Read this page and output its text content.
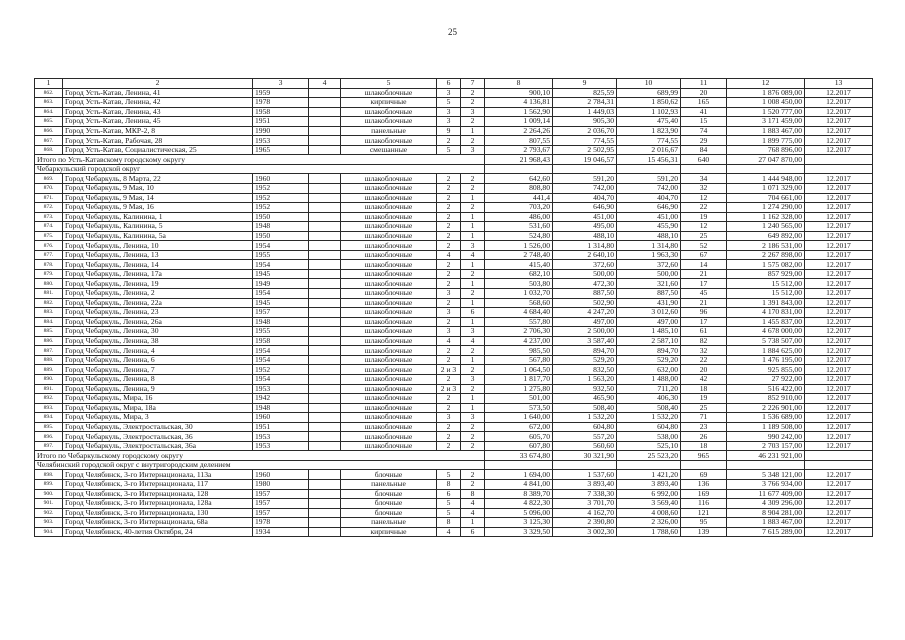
25
1	2	3	4	5	6	7	8	9	10	11	12	13
862.	Город Усть-Катав, Ленина, 41	1959		шлакоблочные	3	2	900,10	825,59	689,99	20	1 876 089,00	12.2017
863.	Город Усть-Катав, Ленина, 42	1978		кирпичные	5	2	4 136,81	2 784,31	1 850,62	165	1 008 450,00	12.2017
864.	Город Усть-Катав, Ленина, 43	1958		шлакоблочные	3	3	1 562,90	1 449,03	1 102,93	41	1 520 777,00	12.2017
865.	Город Усть-Катав, Ленина, 45	1951		шлакоблочные	3	2	1 009,14	905,30	475,40	15	3 171 459,00	12.2017
866.	Город Усть-Катав, МКР-2, 8	1990		панельные	9	1	2 264,26	2 036,70	1 823,90	74	1 883 467,00	12.2017
867.	Город Усть-Катав, Рабочая, 28	1953		шлакоблочные	2	2	807,55	774,55	774,55	29	1 899 775,00	12.2017
868.	Город Усть-Катав, Социалистическая, 25	1965		смешанные	5	3	2 793,67	2 502,95	2 016,67	84	768 896,00	12.2017
Итого по Усть-Катавскому городскому округу							21 968,43	19 046,57	15 456,31	640	27 047 870,00	
Чебаркульский городской округ												
869.	Город Чебаркуль, 8 Марта, 22	1960		шлакоблочные	2	2	642,60	591,20	591,20	34	1 444 948,00	12.2017
870.	Город Чебаркуль, 9 Мая, 10	1952		шлакоблочные	2	2	808,80	742,00	742,00	32	1 071 329,00	12.2017
871.	Город Чебаркуль, 9 Мая, 14	1952		шлакоблочные	2	1	441,4	404,70	404,70	12	704 661,00	12.2017
872.	Город Чебаркуль, 9 Мая, 16	1952		шлакоблочные	2	2	703,20	646,90	646,90	22	1 274 290,00	12.2017
873.	Город Чебаркуль, Калинина, 1	1950		шлакоблочные	2	1	486,00	451,00	451,00	19	1 162 328,00	12.2017
874.	Город Чебаркуль, Калинина, 5	1948		шлакоблочные	2	1	531,60	495,00	455,90	12	1 240 565,00	12.2017
875.	Город Чебаркуль, Калинина, 5а	1950		шлакоблочные	2	1	524,80	488,10	488,10	25	649 892,00	12.2017
876.	Город Чебаркуль, Ленина, 10	1954		шлакоблочные	2	3	1 526,00	1 314,80	1 314,80	52	2 186 531,00	12.2017
877.	Город Чебаркуль, Ленина, 13	1955		шлакоблочные	4	4	2 748,40	2 640,10	1 963,30	67	2 267 898,00	12.2017
878.	Город Чебаркуль, Ленина, 14	1954		шлакоблочные	2	1	415,40	372,60	372,60	14	1 575 082,00	12.2017
879.	Город Чебаркуль, Ленина, 17а	1945		шлакоблочные	2	2	682,10	500,00	500,00	21	857 929,00	12.2017
880.	Город Чебаркуль, Ленина, 19	1949		шлакоблочные	2	1	503,80	472,30	321,60	17	15 512,00	12.2017
881.	Город Чебаркуль, Ленина, 2	1954		шлакоблочные	3	2	1 032,70	887,50	887,50	45	15 512,00	12.2017
882.	Город Чебаркуль, Ленина, 22а	1945		шлакоблочные	2	1	568,60	502,90	431,90	21	1 391 843,00	12.2017
883.	Город Чебаркуль, Ленина, 23	1957		шлакоблочные	3	6	4 684,40	4 247,20	3 012,60	96	4 170 831,00	12.2017
884.	Город Чебаркуль, Ленина, 26а	1948		шлакоблочные	2	1	557,80	497,00	497,00	17	1 455 837,00	12.2017
885.	Город Чебаркуль, Ленина, 30	1955		шлакоблочные	3	3	2 706,30	2 500,00	1 485,10	61	4 678 000,00	12.2017
886.	Город Чебаркуль, Ленина, 38	1958		шлакоблочные	4	4	4 237,00	3 587,40	2 587,10	82	5 738 507,00	12.2017
887.	Город Чебаркуль, Ленина, 4	1954		шлакоблочные	2	2	985,50	894,70	894,70	32	1 884 625,00	12.2017
888.	Город Чебаркуль, Ленина, 6	1954		шлакоблочные	2	1	567,80	529,20	529,20	22	1 476 195,00	12.2017
889.	Город Чебаркуль, Ленина, 7	1952		шлакоблочные	2 и 3	2	1 064,50	832,50	632,00	20	925 855,00	12.2017
890.	Город Чебаркуль, Ленина, 8	1954		шлакоблочные	2	3	1 817,70	1 563,20	1 488,00	42	27 922,00	12.2017
891.	Город Чебаркуль, Ленина, 9	1953		шлакоблочные	2 и 3	2	1 275,80	932,50	711,20	18	516 422,00	12.2017
892.	Город Чебаркуль, Мира, 16	1942		шлакоблочные	2	1	501,00	465,90	406,30	19	852 910,00	12.2017
893.	Город Чебаркуль, Мира, 18а	1948		шлакоблочные	2	1	573,50	508,40	508,40	25	2 226 901,00	12.2017
894.	Город Чебаркуль, Мира, 3	1960		шлакоблочные	3	3	1 640,00	1 532,20	1 532,20	71	1 536 689,00	12.2017
895.	Город Чебаркуль, Электростальская, 30	1951		шлакоблочные	2	2	672,00	604,80	604,80	23	1 189 508,00	12.2017
896.	Город Чебаркуль, Электростальская, 36	1953		шлакоблочные	2	2	605,70	557,20	538,00	26	990 242,00	12.2017
897.	Город Чебаркуль, Электростальская, 36а	1953		шлакоблочные	2	2	607,80	560,60	525,10	18	2 703 157,00	12.2017
Итого по Чебаркульскому городскому округу							33 674,80	30 321,90	25 523,20	965	46 231 921,00	
Челябинский городской округ с внутригородским делением												
898.	Город Челябинск, 3-го Интернационала, 113а	1960		блочные	5	2	1 694,00	1 537,60	1 421,20	69	5 348 121,00	12.2017
899.	Город Челябинск, 3-го Интернационала, 117	1980		панельные	8	2	4 841,00	3 893,40	3 893,40	136	3 766 934,00	12.2017
900.	Город Челябинск, 3-го Интернационала, 128	1957		блочные	6	8	8 389,70	7 338,30	6 992,00	169	11 677 409,00	12.2017
901.	Город Челябинск, 3-го Интернационала, 128а	1957		блочные	5	4	4 822,30	3 701,70	3 569,40	116	4 309 296,00	12.2017
902.	Город Челябинск, 3-го Интернационала, 130	1957		блочные	5	4	5 096,00	4 162,70	4 008,60	121	8 904 281,00	12.2017
903.	Город Челябинск, 3-го Интернационала, 68а	1978		панельные	8	1	3 125,30	2 390,80	2 326,00	95	1 883 467,00	12.2017
904.	Город Челябинск, 40-летия Октября, 24	1934		кирпичные	4	6	3 329,50	3 002,30	1 788,60	139	7 615 289,00	12.2017
